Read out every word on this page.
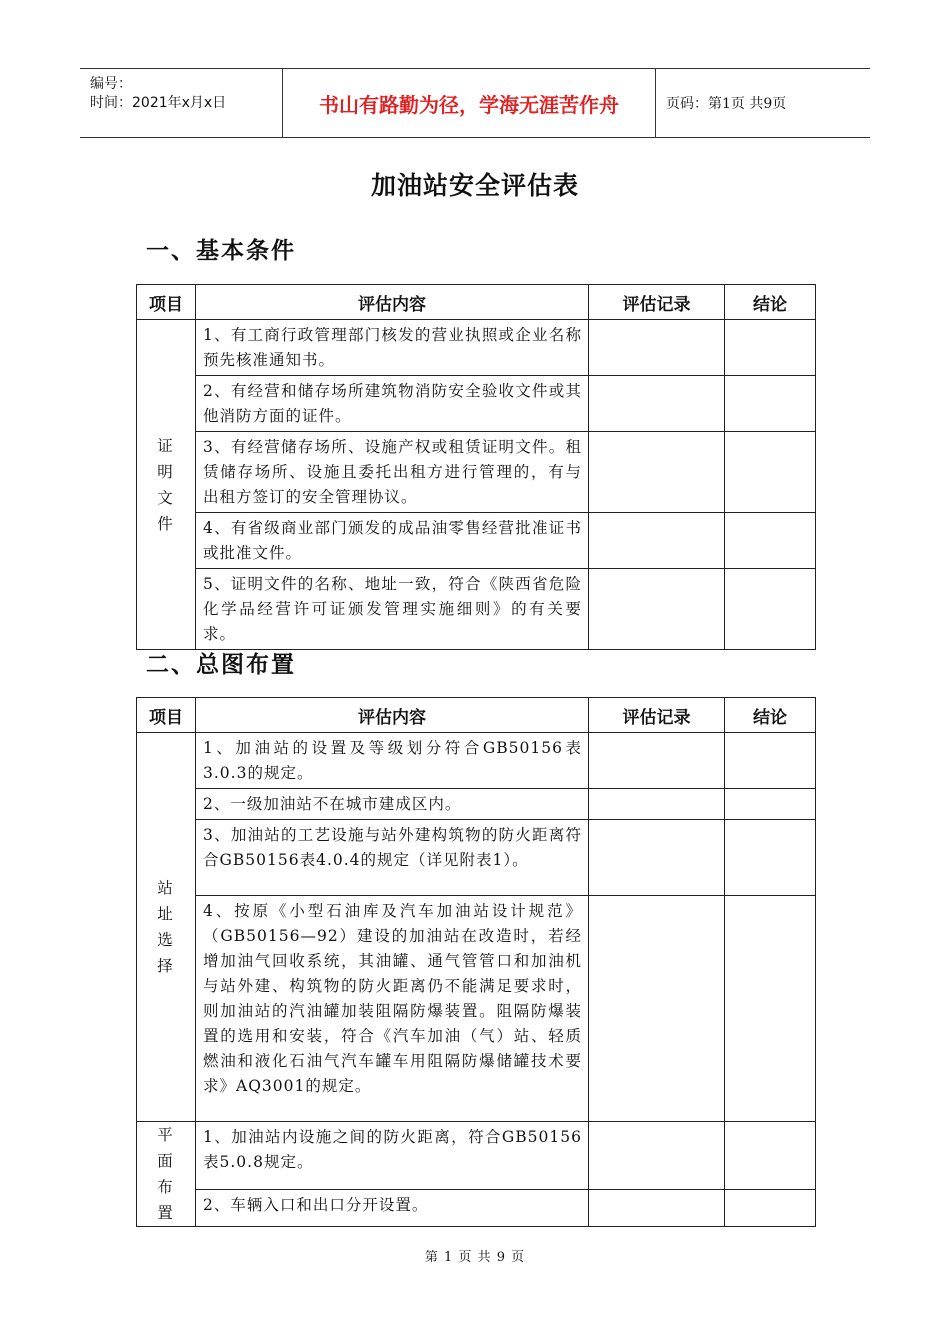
编号：
时间：2021年x月x日	书山有路勤为径，学海无涯苦作舟	页码：第1页 共9页
加油站安全评估表
一、基本条件
项目	评估内容	评估记录	结论

证明文件	1、有工商行政管理部门核发的营业执照或企业名称预先核准通知书。		
	2、有经营和储存场所建筑物消防安全验收文件或其他消防方面的证件。		
	3、有经营储存场所、设施产权或租赁证明文件。租赁储存场所、设施且委托出租方进行管理的，有与出租方签订的安全管理协议。		
	4、有省级商业部门颁发的成品油零售经营批准证书或批准文件。		
	5、证明文件的名称、地址一致，符合《陕西省危险化学品经营许可证颁发管理实施细则》的有关要求。		
二、总图布置
项目	评估内容	评估记录	结论

站址选择	1、加油站的设置及等级划分符合GB50156表3.0.3的规定。		
	2、一级加油站不在城市建成区内。		
	3、加油站的工艺设施与站外建构筑物的防火距离符合GB50156表4.0.4的规定（详见附表1）。		
	4、按原《小型石油库及汽车加油站设计规范》（GB50156—92）建设的加油站在改造时，若经增加油气回收系统，其油罐、通气管管口和加油机与站外建、构筑物的防火距离仍不能满足要求时，则加油站的汽油罐加装阻隔防爆装置。阻隔防爆装置的选用和安装，符合《汽车加油（气）站、轻质燃油和液化石油气汽车罐车用阻隔防爆储罐技术要求》AQ3001的规定。		

平面布置	1、加油站内设施之间的防火距离，符合GB50156表5.0.8规定。		
	2、车辆入口和出口分开设置。		
第 1 页 共 9 页
